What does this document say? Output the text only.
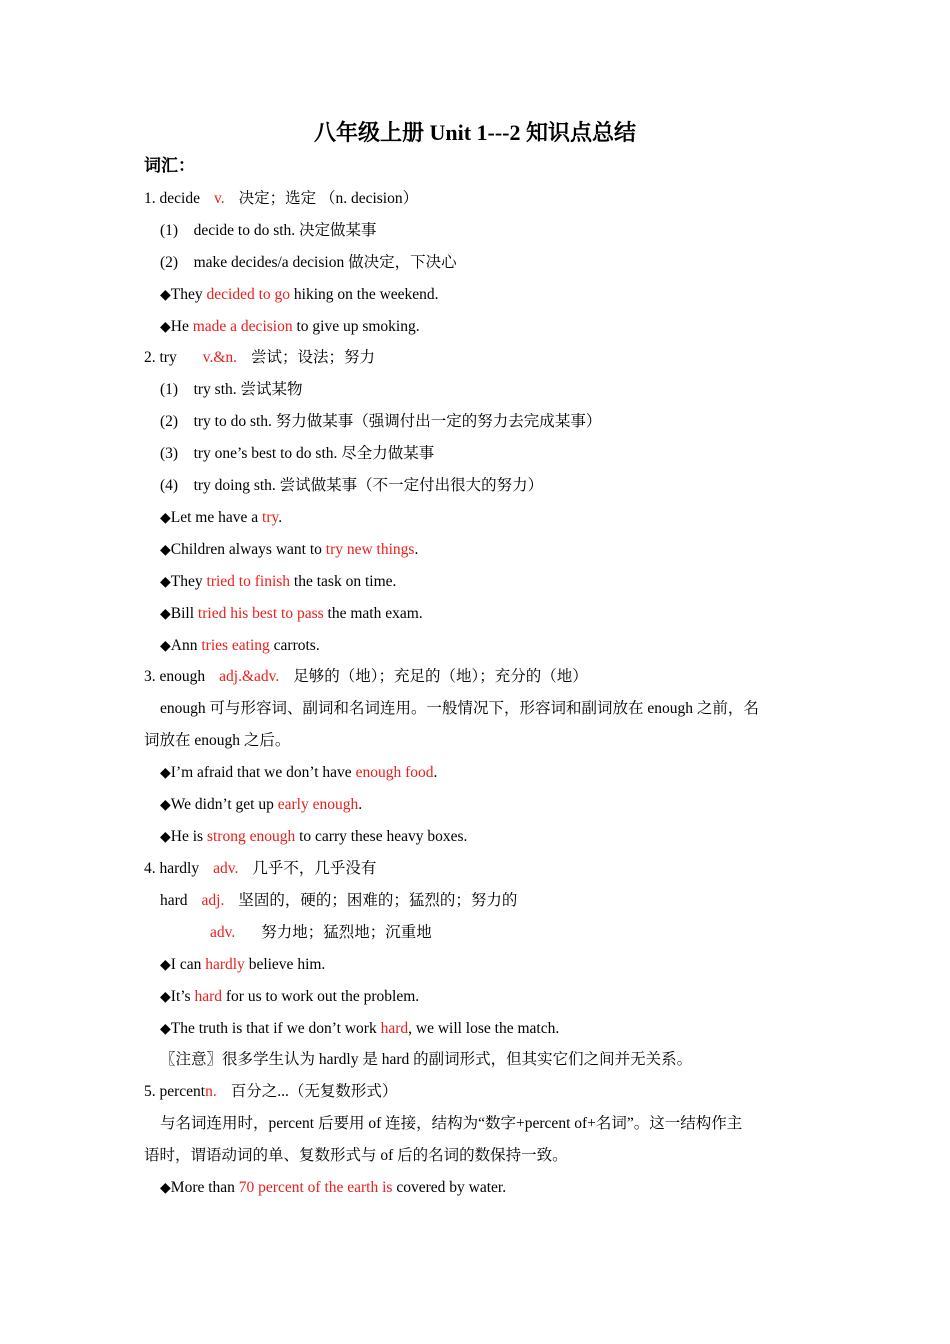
八年级上册 Unit 1---2 知识点总结
词汇：
1. decide v. 决定；选定 （n. decision）
(1)　decide to do sth. 决定做某事
(2)　make decides/a decision 做决定，下决心
◆They decided to go hiking on the weekend.
◆He made a decision to give up smoking.
2. try v.&n. 尝试；设法；努力
(1)　try sth. 尝试某物
(2)　try to do sth. 努力做某事（强调付出一定的努力去完成某事）
(3)　try one’s best to do sth. 尽全力做某事
(4)　try doing sth. 尝试做某事（不一定付出很大的努力）
◆Let me have a try.
◆Children always want to try new things.
◆They tried to finish the task on time.
◆Bill tried his best to pass the math exam.
◆Ann tries eating carrots.
3. enough adj.&adv. 足够的（地）；充足的（地）；充分的（地）
enough 可与形容词、副词和名词连用。一般情况下，形容词和副词放在 enough 之前，名
词放在 enough 之后。
◆I’m afraid that we don’t have enough food.
◆We didn’t get up early enough.
◆He is strong enough to carry these heavy boxes.
4. hardly adv. 几乎不，几乎没有
hard adj. 坚固的，硬的；困难的；猛烈的；努力的
adv. 努力地；猛烈地；沉重地
◆I can hardly believe him.
◆It’s hard for us to work out the problem.
◆The truth is that if we don’t work hard, we will lose the match.
〖注意〗很多学生认为 hardly 是 hard 的副词形式，但其实它们之间并无关系。
5. percentn. 百分之...（无复数形式）
与名词连用时，percent 后要用 of 连接，结构为“数字+percent of+名词”。这一结构作主
语时，谓语动词的单、复数形式与 of 后的名词的数保持一致。
◆More than 70 percent of the earth is covered by water.
